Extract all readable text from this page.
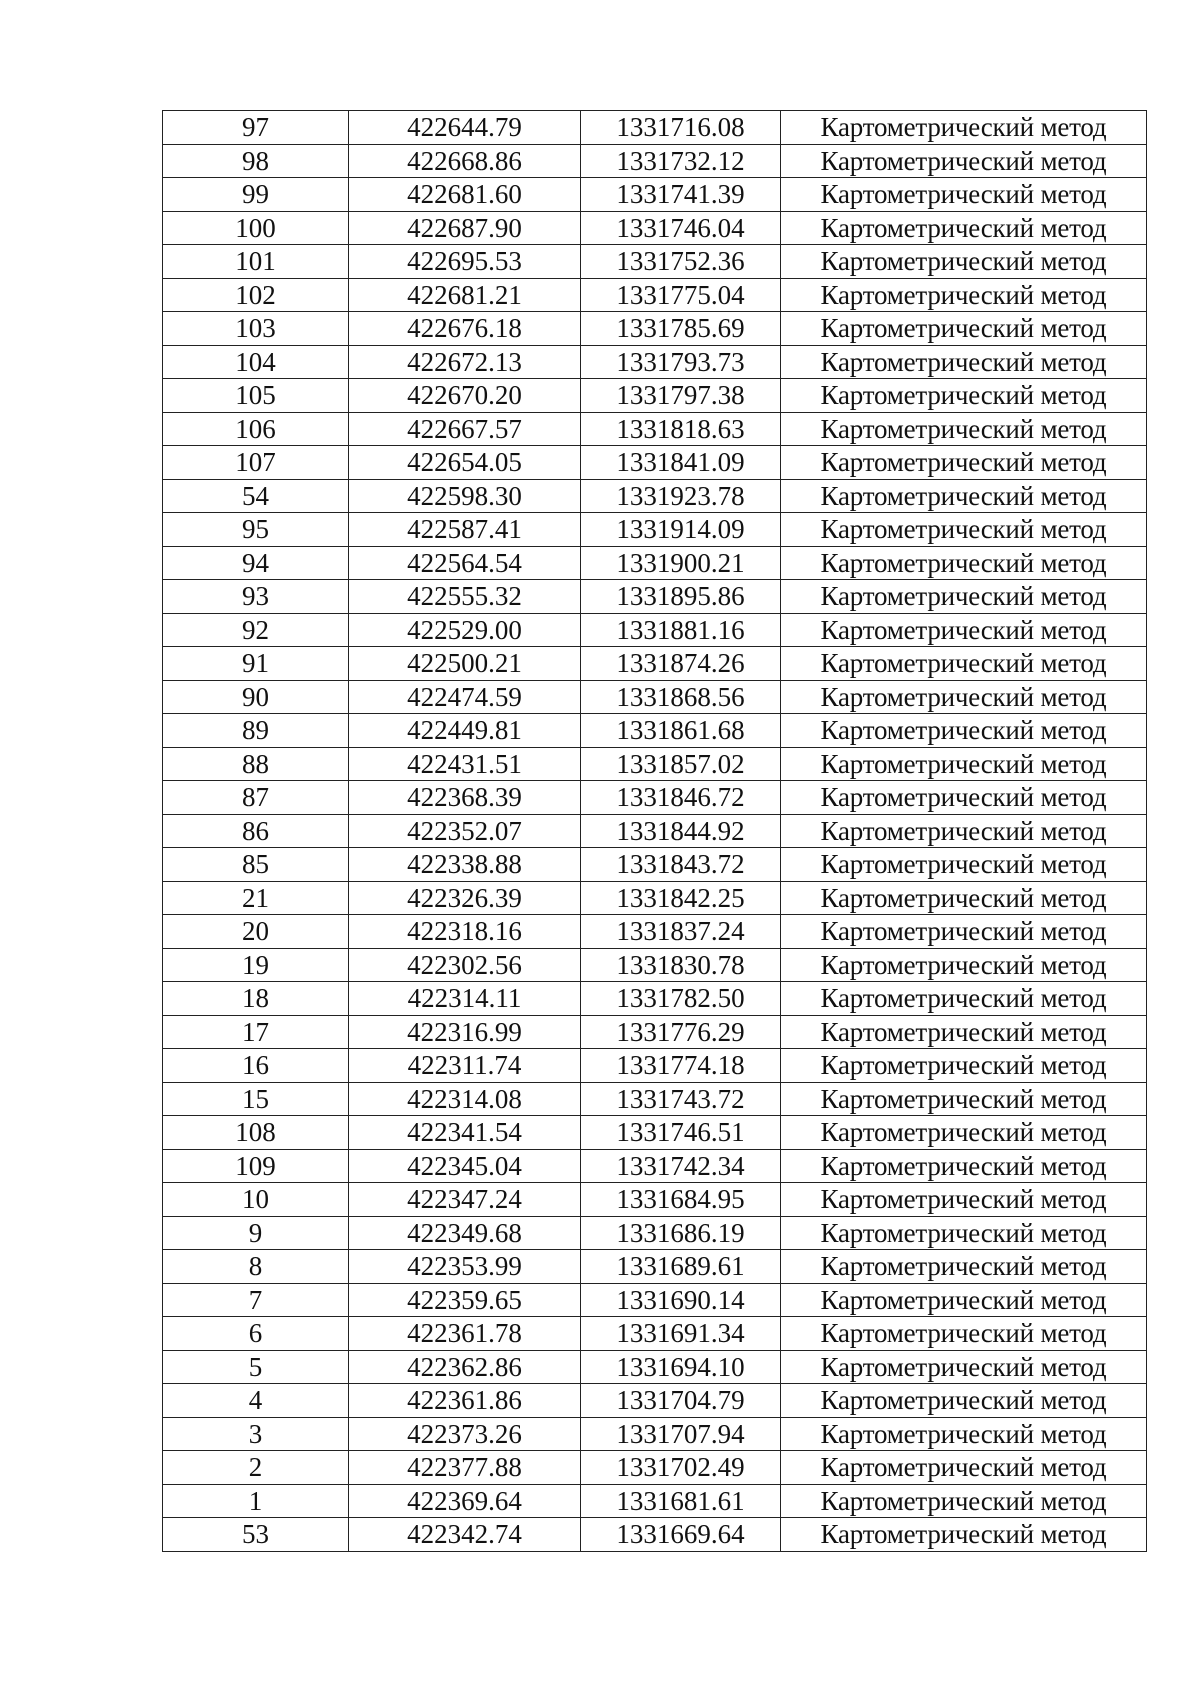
97	422644.79	1331716.08	Картометрический метод
98	422668.86	1331732.12	Картометрический метод
99	422681.60	1331741.39	Картометрический метод
100	422687.90	1331746.04	Картометрический метод
101	422695.53	1331752.36	Картометрический метод
102	422681.21	1331775.04	Картометрический метод
103	422676.18	1331785.69	Картометрический метод
104	422672.13	1331793.73	Картометрический метод
105	422670.20	1331797.38	Картометрический метод
106	422667.57	1331818.63	Картометрический метод
107	422654.05	1331841.09	Картометрический метод
54	422598.30	1331923.78	Картометрический метод
95	422587.41	1331914.09	Картометрический метод
94	422564.54	1331900.21	Картометрический метод
93	422555.32	1331895.86	Картометрический метод
92	422529.00	1331881.16	Картометрический метод
91	422500.21	1331874.26	Картометрический метод
90	422474.59	1331868.56	Картометрический метод
89	422449.81	1331861.68	Картометрический метод
88	422431.51	1331857.02	Картометрический метод
87	422368.39	1331846.72	Картометрический метод
86	422352.07	1331844.92	Картометрический метод
85	422338.88	1331843.72	Картометрический метод
21	422326.39	1331842.25	Картометрический метод
20	422318.16	1331837.24	Картометрический метод
19	422302.56	1331830.78	Картометрический метод
18	422314.11	1331782.50	Картометрический метод
17	422316.99	1331776.29	Картометрический метод
16	422311.74	1331774.18	Картометрический метод
15	422314.08	1331743.72	Картометрический метод
108	422341.54	1331746.51	Картометрический метод
109	422345.04	1331742.34	Картометрический метод
10	422347.24	1331684.95	Картометрический метод
9	422349.68	1331686.19	Картометрический метод
8	422353.99	1331689.61	Картометрический метод
7	422359.65	1331690.14	Картометрический метод
6	422361.78	1331691.34	Картометрический метод
5	422362.86	1331694.10	Картометрический метод
4	422361.86	1331704.79	Картометрический метод
3	422373.26	1331707.94	Картометрический метод
2	422377.88	1331702.49	Картометрический метод
1	422369.64	1331681.61	Картометрический метод
53	422342.74	1331669.64	Картометрический метод
